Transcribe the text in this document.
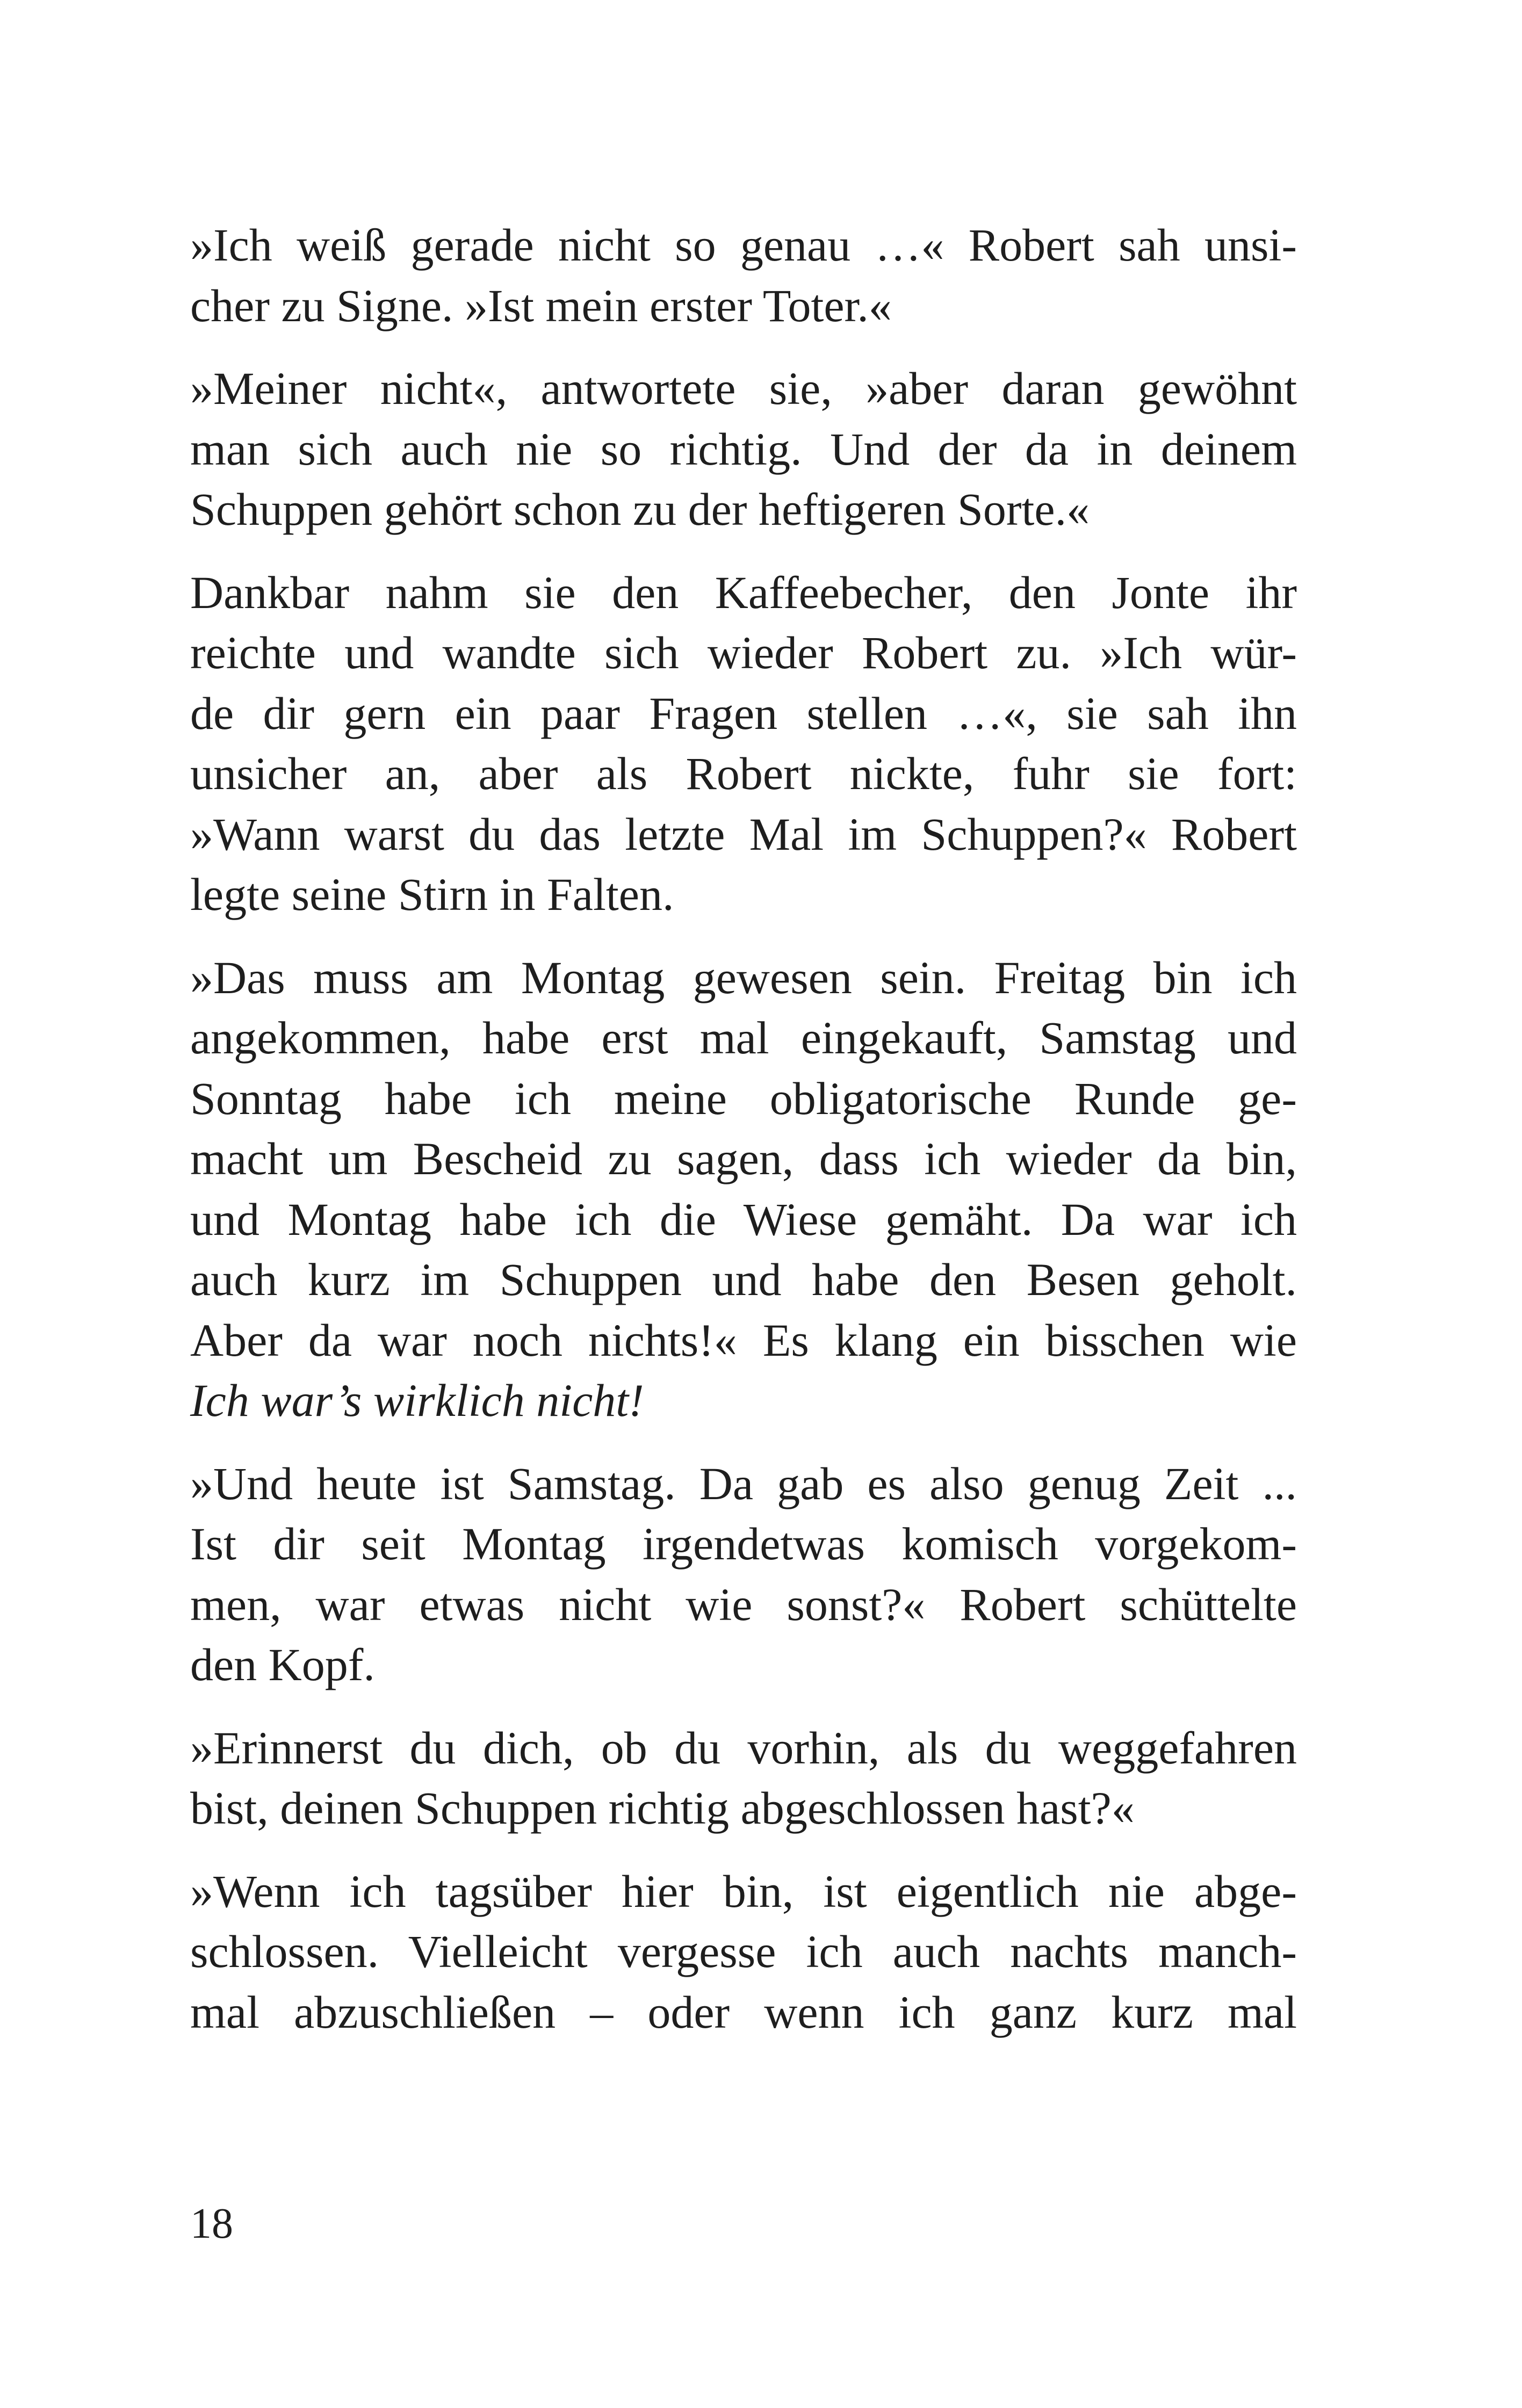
»Ich weiß gerade nicht so genau …« Robert sah unsi-
cher zu Signe. »Ist mein erster Toter.«
»Meiner nicht«, antwortete sie, »aber daran gewöhnt
man sich auch nie so richtig. Und der da in deinem
Schuppen gehört schon zu der heftigeren Sorte.«
Dankbar nahm sie den Kaffeebecher, den Jonte ihr
reichte und wandte sich wieder Robert zu. »Ich wür-
de dir gern ein paar Fragen stellen …«, sie sah ihn
unsicher an, aber als Robert nickte, fuhr sie fort:
»Wann warst du das letzte Mal im Schuppen?« Robert
legte seine Stirn in Falten.
»Das muss am Montag gewesen sein. Freitag bin ich
angekommen, habe erst mal eingekauft, Samstag und
Sonntag habe ich meine obligatorische Runde ge-
macht um Bescheid zu sagen, dass ich wieder da bin,
und Montag habe ich die Wiese gemäht. Da war ich
auch kurz im Schuppen und habe den Besen geholt.
Aber da war noch nichts!« Es klang ein bisschen wie
Ich war’s wirklich nicht!
»Und heute ist Samstag. Da gab es also genug Zeit ...
Ist dir seit Montag irgendetwas komisch vorgekom-
men, war etwas nicht wie sonst?« Robert schüttelte
den Kopf.
»Erinnerst du dich, ob du vorhin, als du weggefahren
bist, deinen Schuppen richtig abgeschlossen hast?«
»Wenn ich tagsüber hier bin, ist eigentlich nie abge-
schlossen. Vielleicht vergesse ich auch nachts manch-
mal abzuschließen – oder wenn ich ganz kurz mal
18
